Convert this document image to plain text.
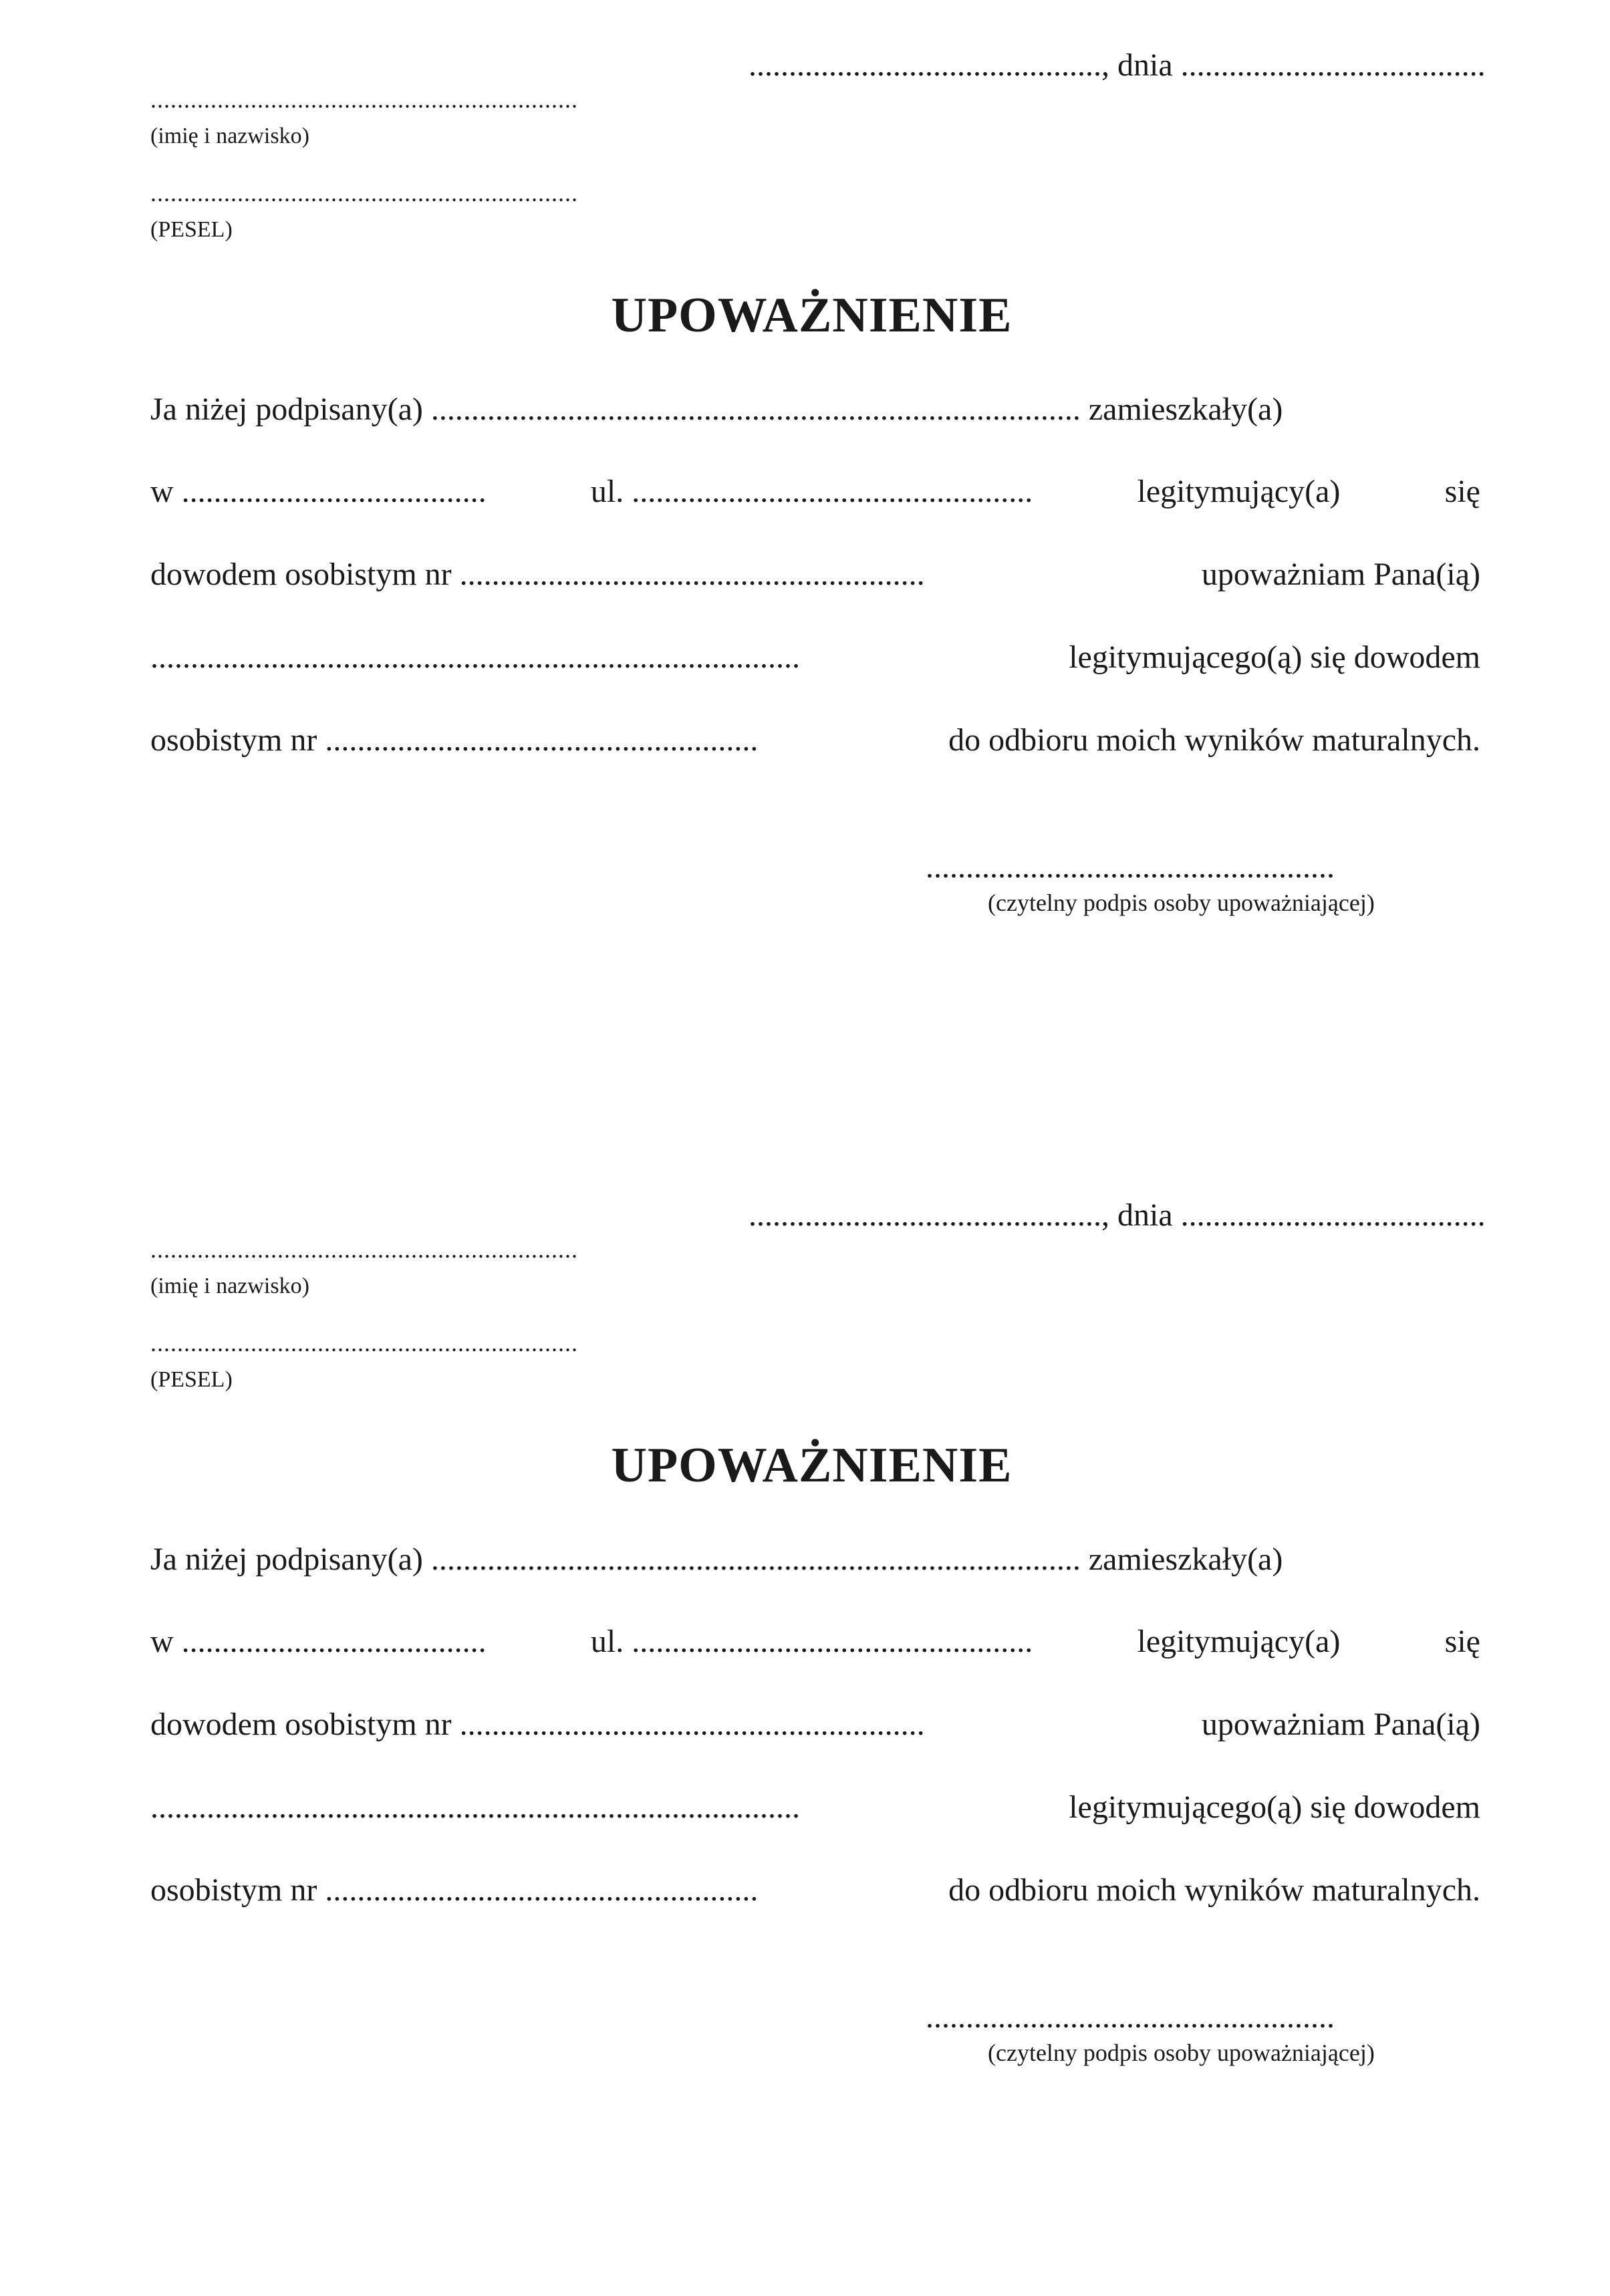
............................................, dnia ......................................
................................................................
(imię i nazwisko)
................................................................
(PESEL)
UPOWAŻNIENIE
Ja niżej podpisany(a) ................................................................................. zamieszkały(a)
w ......................................	ul. ..................................................	legitymujący(a)	się
dowodem osobistym nr ..........................................................	upoważniam Pana(ią)
.................................................................................	legitymującego(ą) się dowodem
osobistym nr ......................................................	do odbioru moich wyników maturalnych.
...................................................
(czytelny podpis osoby upoważniającej)
............................................, dnia ......................................
................................................................
(imię i nazwisko)
................................................................
(PESEL)
UPOWAŻNIENIE
Ja niżej podpisany(a) ................................................................................. zamieszkały(a)
w ......................................	ul. ..................................................	legitymujący(a)	się
dowodem osobistym nr ..........................................................	upoważniam Pana(ią)
.................................................................................	legitymującego(ą) się dowodem
osobistym nr ......................................................	do odbioru moich wyników maturalnych.
...................................................
(czytelny podpis osoby upoważniającej)
